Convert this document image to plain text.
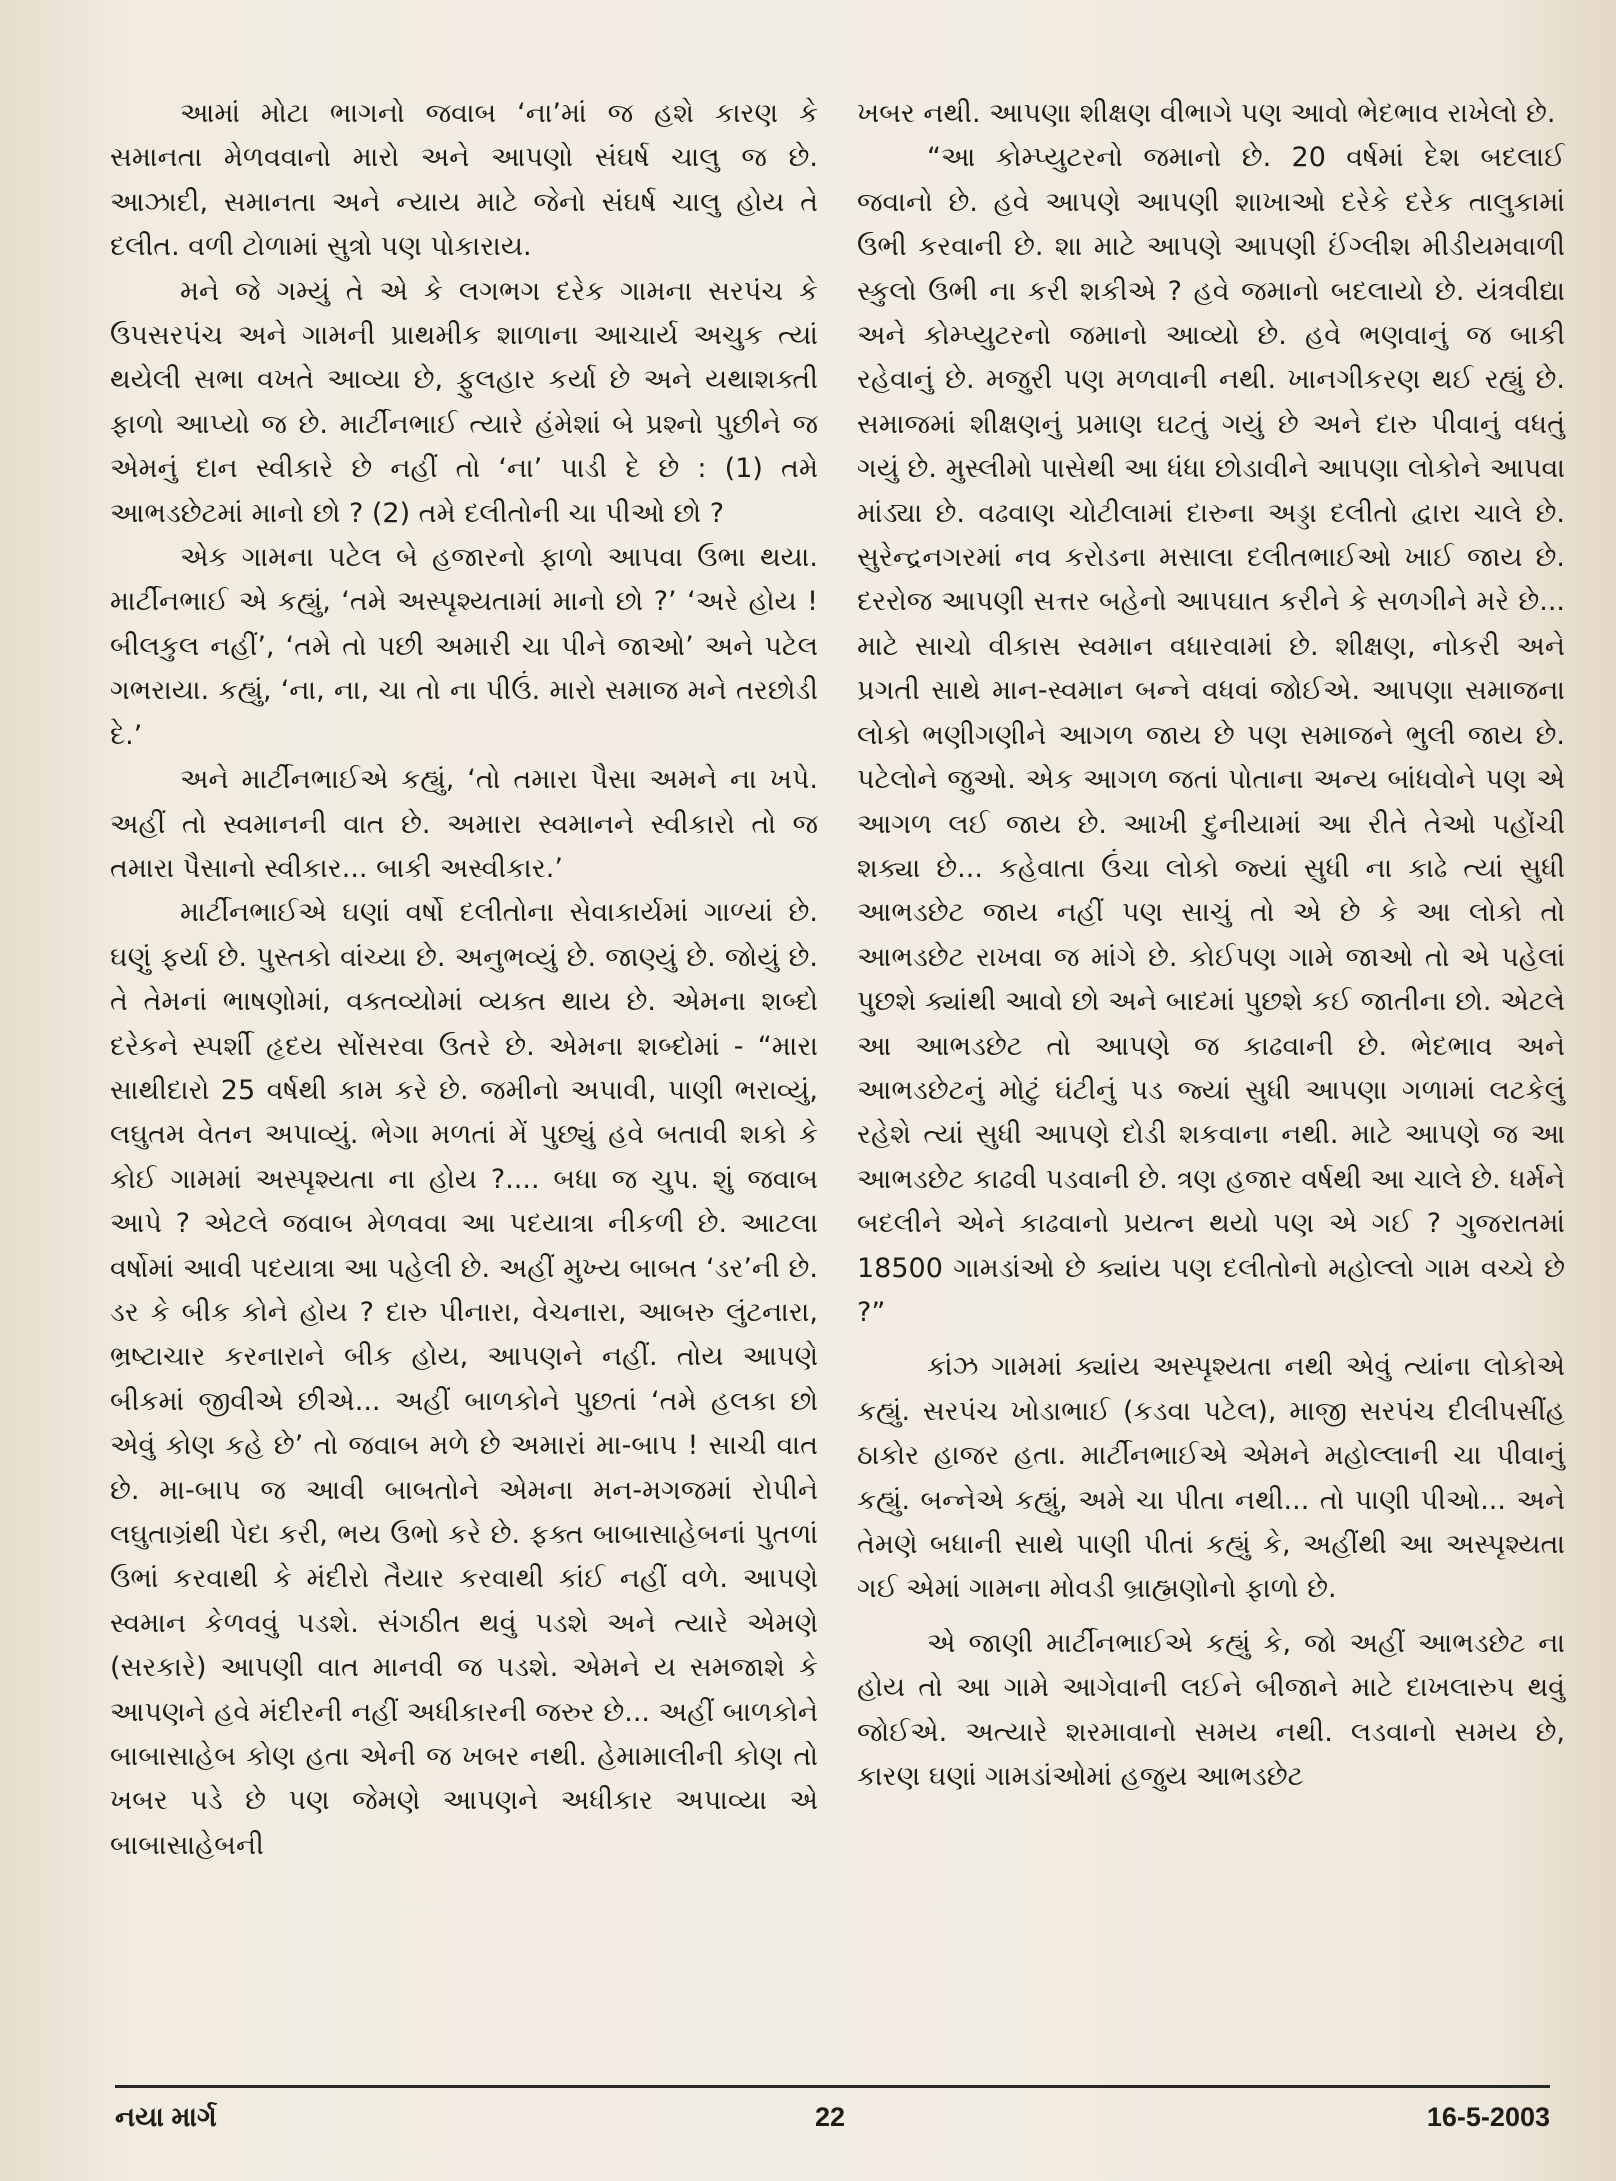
આમાં મોટા ભાગનો જવાબ ‘ના’માં જ હશે કારણ કે સમાનતા મેળવવાનો મારો અને આપણો સંઘર્ષ ચાલુ જ છે. આઝાદી, સમાનતા અને ન્યાય માટે જેનો સંઘર્ષ ચાલુ હોય તે દલીત. વળી ટોળામાં સુત્રો પણ પોકારાય.

મને જે ગમ્યું તે એ કે લગભગ દરેક ગામના સરપંચ કે ઉપસરપંચ અને ગામની પ્રાથમીક શાળાના આચાર્ય અચુક ત્યાં થયેલી સભા વખતે આવ્યા છે, ફુલહાર કર્યા છે અને યથાશક્તી ફાળો આપ્યો જ છે. માર્ટીનભાઈ ત્યારે હંમેશાં બે પ્રશ્નો પુછીને જ એમનું દાન સ્વીકારે છે નહીં તો ‘ના’ પાડી દે છે : (1) તમે આભડછેટમાં માનો છો ? (2) તમે દલીતોની ચા પીઓ છો ?

એક ગામના પટેલ બે હજારનો ફાળો આપવા ઉભા થયા. માર્ટીનભાઈ એ કહ્યું, ‘તમે અસ્પૃશ્યતામાં માનો છો ?’ ‘અરે હોય ! બીલકુલ નહીં’, ‘તમે તો પછી અમારી ચા પીને જાઓ’ અને પટેલ ગભરાયા. કહ્યું, ‘ના, ના, ચા તો ના પીઉં. મારો સમાજ મને તરછોડી દે.’

અને માર્ટીનભાઈએ કહ્યું, ‘તો તમારા પૈસા અમને ના ખપે. અહીં તો સ્વમાનની વાત છે. અમારા સ્વમાનને સ્વીકારો તો જ તમારા પૈસાનો સ્વીકાર... બાકી અસ્વીકાર.’

માર્ટીનભાઈએ ઘણાં વર્ષો દલીતોના સેવાકાર્યમાં ગાળ્યાં છે. ઘણું ફર્યા છે. પુસ્તકો વાંચ્યા છે. અનુભવ્યું છે. જાણ્યું છે. જોયું છે. તે તેમનાં ભાષણોમાં, વક્તવ્યોમાં વ્યક્ત થાય છે. એમના શબ્દો દરેકને સ્પર્શી હૃદય સોંસરવા ઉતરે છે. એમના શબ્દોમાં - “મારા સાથીદારો 25 વર્ષથી કામ કરે છે. જમીનો અપાવી, પાણી ભરાવ્યું, લઘુતમ વેતન અપાવ્યું. ભેગા મળતાં મેં પુછ્યું હવે બતાવી શકો કે કોઈ ગામમાં અસ્પૃશ્યતા ના હોય ?.... બધા જ ચુપ. શું જવાબ આપે ? એટલે જવાબ મેળવવા આ પદયાત્રા નીકળી છે. આટલા વર્ષોમાં આવી પદયાત્રા આ પહેલી છે. અહીં મુખ્ય બાબત ‘ડર’ની છે. ડર કે બીક કોને હોય ? દારુ પીનારા, વેચનારા, આબરુ લુંટનારા, ભ્રષ્ટાચાર કરનારાને બીક હોય, આપણને નહીં. તોય આપણે બીકમાં જીવીએ છીએ... અહીં બાળકોને પુછતાં ‘તમે હલકા છો એવું કોણ કહે છે’ તો જવાબ મળે છે અમારાં મા-બાપ ! સાચી વાત છે. મા-બાપ જ આવી બાબતોને એમના મન-મગજમાં રોપીને લઘુતાગ્રંથી પેદા કરી, ભય ઉભો કરે છે. ફક્ત બાબાસાહેબનાં પુતળાં ઉભાં કરવાથી કે મંદીરો તૈયાર કરવાથી કાંઈ નહીં વળે. આપણે સ્વમાન કેળવવું પડશે. સંગઠીત થવું પડશે અને ત્યારે એમણે (સરકારે) આપણી વાત માનવી જ પડશે. એમને ય સમજાશે કે આપણને હવે મંદીરની નહીં અધીકારની જરુર છે... અહીં બાળકોને બાબાસાહેબ કોણ હતા એની જ ખબર નથી. હેમામાલીની કોણ તો ખબર પડે છે પણ જેમણે આપણને અધીકાર અપાવ્યા એ બાબાસાહેબની

ખબર નથી. આપણા શીક્ષણ વીભાગે પણ આવો ભેદભાવ રાખેલો છે.

“આ કોમ્પ્યુટરનો જમાનો છે. 20 વર્ષમાં દેશ બદલાઈ જવાનો છે. હવે આપણે આપણી શાખાઓ દરેકે દરેક તાલુકામાં ઉભી કરવાની છે. શા માટે આપણે આપણી ઈંગ્લીશ મીડીયમવાળી સ્કુલો ઉભી ના કરી શકીએ ? હવે જમાનો બદલાયો છે. યંત્રવીદ્યા અને કોમ્પ્યુટરનો જમાનો આવ્યો છે. હવે ભણવાનું જ બાકી રહેવાનું છે. મજુરી પણ મળવાની નથી. ખાનગીકરણ થઈ રહ્યું છે. સમાજમાં શીક્ષણનું પ્રમાણ ઘટતું ગયું છે અને દારુ પીવાનું વધતું ગયું છે. મુસ્લીમો પાસેથી આ ધંધા છોડાવીને આપણા લોકોને આપવા માંડ્યા છે. વઢવાણ ચોટીલામાં દારુના અડ્ડા દલીતો દ્વારા ચાલે છે. સુરેન્દ્રનગરમાં નવ કરોડના મસાલા દલીતભાઈઓ ખાઈ જાય છે. દરરોજ આપણી સત્તર બહેનો આપઘાત કરીને કે સળગીને મરે છે... માટે સાચો વીકાસ સ્વમાન વધારવામાં છે. શીક્ષણ, નોકરી અને પ્રગતી સાથે માન-સ્વમાન બન્ને વધવાં જોઈએ. આપણા સમાજના લોકો ભણીગણીને આગળ જાય છે પણ સમાજને ભુલી જાય છે. પટેલોને જુઓ. એક આગળ જતાં પોતાના અન્ય બાંધવોને પણ એ આગળ લઈ જાય છે. આખી દુનીયામાં આ રીતે તેઓ પહોંચી શક્યા છે... કહેવાતા ઉંચા લોકો જ્યાં સુધી ના કાઢે ત્યાં સુધી આભડછેટ જાય નહીં પણ સાચું તો એ છે કે આ લોકો તો આભડછેટ રાખવા જ માંગે છે. કોઈપણ ગામે જાઓ તો એ પહેલાં પુછશે ક્યાંથી આવો છો અને બાદમાં પુછશે કઈ જાતીના છો. એટલે આ આભડછેટ તો આપણે જ કાઢવાની છે. ભેદભાવ અને આભડછેટનું મોટું ઘંટીનું પડ જ્યાં સુધી આપણા ગળામાં લટકેલું રહેશે ત્યાં સુધી આપણે દોડી શકવાના નથી. માટે આપણે જ આ આભડછેટ કાઢવી પડવાની છે. ત્રણ હજાર વર્ષથી આ ચાલે છે. ધર્મને બદલીને એને કાઢવાનો પ્રયત્ન થયો પણ એ ગઈ ? ગુજરાતમાં 18500 ગામડાંઓ છે ક્યાંય પણ દલીતોનો મહોલ્લો ગામ વચ્ચે છે ?”

કાંઝ ગામમાં ક્યાંય અસ્પૃશ્યતા નથી એવું ત્યાંના લોકોએ કહ્યું. સરપંચ ખોડાભાઈ (કડવા પટેલ), માજી સરપંચ દીલીપસીંહ ઠાકોર હાજર હતા. માર્ટીનભાઈએ એમને મહોલ્લાની ચા પીવાનું કહ્યું. બન્નેએ કહ્યું, અમે ચા પીતા નથી... તો પાણી પીઓ... અને તેમણે બધાની સાથે પાણી પીતાં કહ્યું કે, અહીંથી આ અસ્પૃશ્યતા ગઈ એમાં ગામના મોવડી બ્રાહ્મણોનો ફાળો છે.

એ જાણી માર્ટીનભાઈએ કહ્યું કે, જો અહીં આભડછેટ ના હોય તો આ ગામે આગેવાની લઈને બીજાને માટે દાખલારુપ થવું જોઈએ. અત્યારે શરમાવાનો સમય નથી. લડવાનો સમય છે, કારણ ઘણાં ગામડાંઓમાં હજુય આભડછેટ

નયા માર્ગ	22	16-5-2003
